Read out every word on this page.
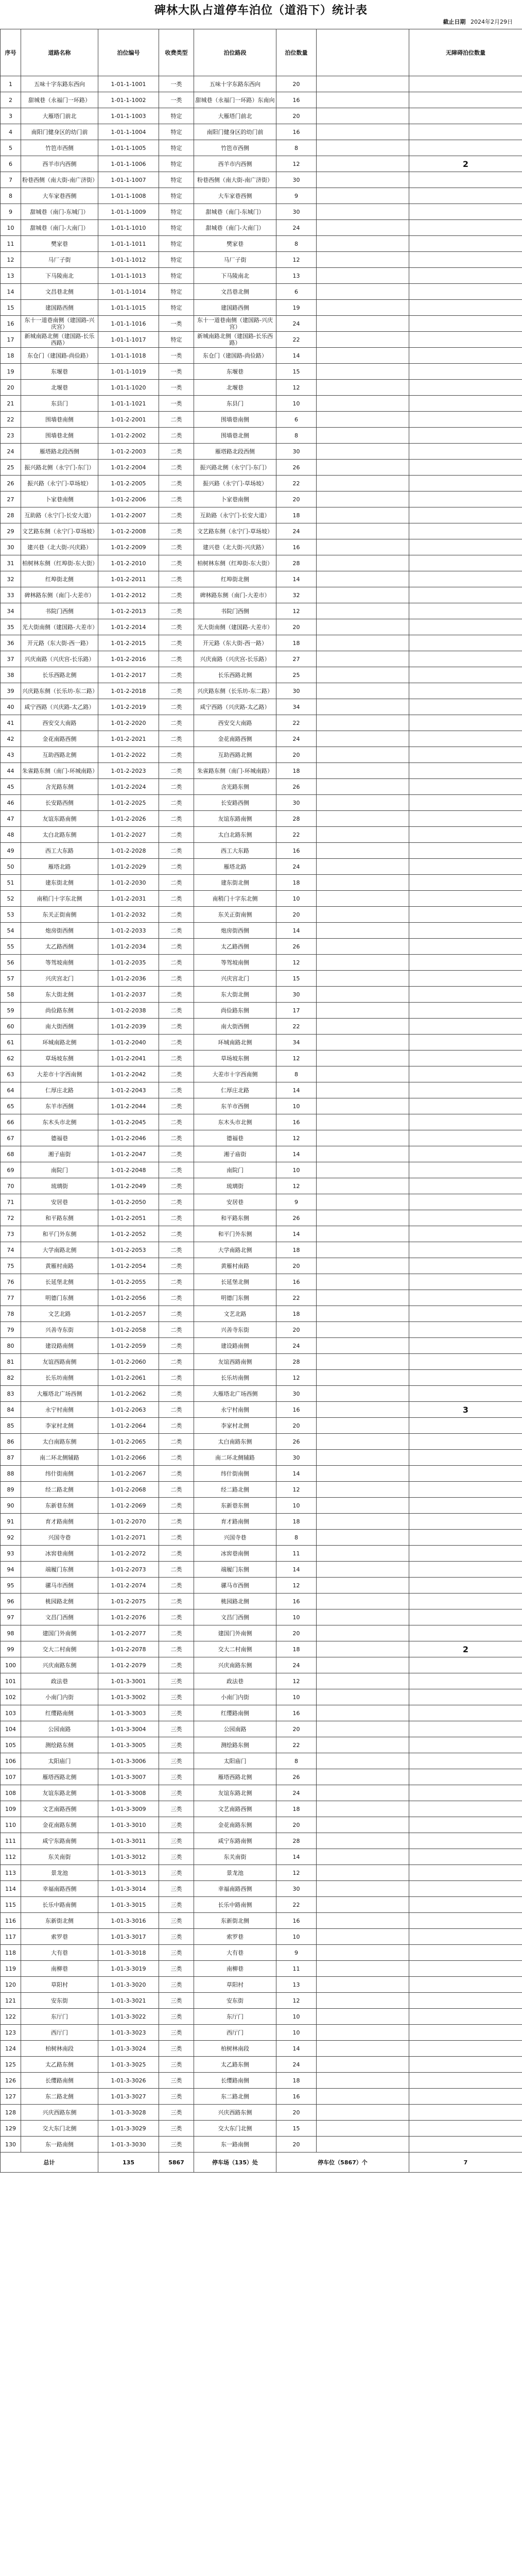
碑林大队占道停车泊位（道沿下）统计表
截止日期 2024年2月29日
序号	道路名称	泊位编号	收费类型	泊位路段	泊位数量		无障碍泊位数量
1	五味十字东路东西向	1-01-1-1001	一类	五味十字东路东西向	20		
2	甜城巷（永福门一环路）	1-01-1-1002	一类	甜城巷（永福门一环路）东南向	16		
3	大雁塔门前北	1-01-1-1003	特定	大雁塔门前北	20		
4	南阳门健身区的幼门前	1-01-1-1004	特定	南阳门健身区的幼门前	16		
5	竹笆市西侧	1-01-1-1005	特定	竹笆市西侧	8		
6	西羊市内西侧	1-01-1-1006	特定	西羊市内西侧	12		2
7	粉巷西侧（南大街-南广济街）	1-01-1-1007	特定	粉巷西侧（南大街-南广济街）	30		
8	大车家巷西侧	1-01-1-1008	特定	大车家巷西侧	9		
9	甜城巷（南门-东城门）	1-01-1-1009	特定	甜城巷（南门-东城门）	30		
10	甜城巷（南门-大南门）	1-01-1-1010	特定	甜城巷（南门-大南门）	24		
11	樊家巷	1-01-1-1011	特定	樊家巷	8		
12	马厂子街	1-01-1-1012	特定	马厂子街	12		
13	下马陵南北	1-01-1-1013	特定	下马陵南北	13		
14	文昌巷北侧	1-01-1-1014	特定	文昌巷北侧	6		
15	建国路西侧	1-01-1-1015	特定	建国路西侧	19		
16	东十一道巷南侧（建国路-兴庆宫）	1-01-1-1016	一类	东十一道巷南侧（建国路-兴庆宫）	24		
17	新城南路北侧（建国路-长乐西路）	1-01-1-1017	特定	新城南路北侧（建国路-长乐西路）	22		
18	东仓门（建国路-尚俭路）	1-01-1-1018	一类	东仓门（建国路-尚俭路）	14		
19	东堰巷	1-01-1-1019	一类	东堰巷	15		
20	北堰巷	1-01-1-1020	一类	北堰巷	12		
21	东县门	1-01-1-1021	一类	东县门	10		
22	围墙巷南侧	1-01-2-2001	二类	围墙巷南侧	6		
23	围墙巷北侧	1-01-2-2002	二类	围墙巷北侧	8		
24	雁塔路北段西侧	1-01-2-2003	二类	雁塔路北段西侧	30		
25	振兴路北侧（永宁门-东门）	1-01-2-2004	二类	振兴路北侧（永宁门-东门）	26		
26	振兴路（永宁门-草场坡）	1-01-2-2005	二类	振兴路（永宁门-草场坡）	22		
27	卜家巷南侧	1-01-2-2006	二类	卜家巷南侧	20		
28	互助路（永宁门-长安大道）	1-01-2-2007	二类	互助路（永宁门-长安大道）	18		
29	文艺路东侧（永宁门-草场坡）	1-01-2-2008	二类	文艺路东侧（永宁门-草场坡）	24		
30	建兴巷（北大街-兴庆路）	1-01-2-2009	二类	建兴巷（北大街-兴庆路）	16		
31	柏树林东侧（红埠街-东大街）	1-01-2-2010	二类	柏树林东侧（红埠街-东大街）	28		
32	红埠街北侧	1-01-2-2011	二类	红埠街北侧	14		
33	碑林路东侧（南门-大差市）	1-01-2-2012	二类	碑林路东侧（南门-大差市）	32		
34	书院门西侧	1-01-2-2013	二类	书院门西侧	12		
35	光大街南侧（建国路-大差市）	1-01-2-2014	二类	光大街南侧（建国路-大差市）	20		
36	开元路（东大街-西一路）	1-01-2-2015	二类	开元路（东大街-西一路）	18		
37	兴庆南路（兴庆宫-长乐路）	1-01-2-2016	二类	兴庆南路（兴庆宫-长乐路）	27		
38	长乐西路北侧	1-01-2-2017	二类	长乐西路北侧	25		
39	兴庆路东侧（长乐坊-东二路）	1-01-2-2018	二类	兴庆路东侧（长乐坊-东二路）	30		
40	咸宁西路（兴庆路-太乙路）	1-01-2-2019	二类	咸宁西路（兴庆路-太乙路）	34		
41	西安交大南路	1-01-2-2020	二类	西安交大南路	22		
42	金花南路西侧	1-01-2-2021	二类	金花南路西侧	24		
43	互助西路北侧	1-01-2-2022	二类	互助西路北侧	20		
44	朱雀路东侧（南门-环城南路）	1-01-2-2023	二类	朱雀路东侧（南门-环城南路）	18		
45	含光路东侧	1-01-2-2024	二类	含光路东侧	26		
46	长安路西侧	1-01-2-2025	二类	长安路西侧	30		
47	友谊东路南侧	1-01-2-2026	二类	友谊东路南侧	28		
48	太白北路东侧	1-01-2-2027	二类	太白北路东侧	22		
49	西工大东路	1-01-2-2028	二类	西工大东路	16		
50	雁塔北路	1-01-2-2029	二类	雁塔北路	24		
51	建东街北侧	1-01-2-2030	二类	建东街北侧	18		
52	南稍门十字东北侧	1-01-2-2031	二类	南稍门十字东北侧	10		
53	东关正街南侧	1-01-2-2032	二类	东关正街南侧	20		
54	炮房街西侧	1-01-2-2033	二类	炮房街西侧	14		
55	太乙路西侧	1-01-2-2034	二类	太乙路西侧	26		
56	等驾坡南侧	1-01-2-2035	二类	等驾坡南侧	12		
57	兴庆宫北门	1-01-2-2036	二类	兴庆宫北门	15		
58	东大街北侧	1-01-2-2037	二类	东大街北侧	30		
59	尚俭路东侧	1-01-2-2038	二类	尚俭路东侧	17		
60	南大街西侧	1-01-2-2039	二类	南大街西侧	22		
61	环城南路北侧	1-01-2-2040	二类	环城南路北侧	34		
62	草场坡东侧	1-01-2-2041	二类	草场坡东侧	12		
63	大差市十字西南侧	1-01-2-2042	二类	大差市十字西南侧	8		
64	仁厚庄北路	1-01-2-2043	二类	仁厚庄北路	14		
65	东羊市西侧	1-01-2-2044	二类	东羊市西侧	10		
66	东木头市北侧	1-01-2-2045	二类	东木头市北侧	16		
67	德福巷	1-01-2-2046	二类	德福巷	12		
68	湘子庙街	1-01-2-2047	二类	湘子庙街	14		
69	南院门	1-01-2-2048	二类	南院门	10		
70	琉璃街	1-01-2-2049	二类	琉璃街	12		
71	安居巷	1-01-2-2050	二类	安居巷	9		
72	和平路东侧	1-01-2-2051	二类	和平路东侧	26		
73	和平门外东侧	1-01-2-2052	二类	和平门外东侧	14		
74	大学南路北侧	1-01-2-2053	二类	大学南路北侧	18		
75	黄雁村南路	1-01-2-2054	二类	黄雁村南路	20		
76	长延堡北侧	1-01-2-2055	二类	长延堡北侧	16		
77	明德门东侧	1-01-2-2056	二类	明德门东侧	22		
78	文艺北路	1-01-2-2057	二类	文艺北路	18		
79	兴善寺东街	1-01-2-2058	二类	兴善寺东街	20		
80	建设路南侧	1-01-2-2059	二类	建设路南侧	24		
81	友谊西路南侧	1-01-2-2060	二类	友谊西路南侧	28		
82	长乐坊南侧	1-01-2-2061	二类	长乐坊南侧	12		
83	大雁塔北广场西侧	1-01-2-2062	二类	大雁塔北广场西侧	30		
84	永宁村南侧	1-01-2-2063	二类	永宁村南侧	16		3
85	李家村北侧	1-01-2-2064	二类	李家村北侧	20		
86	太白南路东侧	1-01-2-2065	二类	太白南路东侧	26		
87	南二环北侧辅路	1-01-2-2066	二类	南二环北侧辅路	30		
88	纬什街南侧	1-01-2-2067	二类	纬什街南侧	14		
89	经二路北侧	1-01-2-2068	二类	经二路北侧	12		
90	东新巷东侧	1-01-2-2069	二类	东新巷东侧	10		
91	育才路南侧	1-01-2-2070	二类	育才路南侧	18		
92	兴国寺巷	1-01-2-2071	二类	兴国寺巷	8		
93	冰窖巷南侧	1-01-2-2072	二类	冰窖巷南侧	11		
94	端履门东侧	1-01-2-2073	二类	端履门东侧	14		
95	骡马市西侧	1-01-2-2074	二类	骡马市西侧	12		
96	桃园路北侧	1-01-2-2075	二类	桃园路北侧	16		
97	文昌门西侧	1-01-2-2076	二类	文昌门西侧	10		
98	建国门外南侧	1-01-2-2077	二类	建国门外南侧	20		
99	交大二村南侧	1-01-2-2078	二类	交大二村南侧	18		2
100	兴庆南路东侧	1-01-2-2079	二类	兴庆南路东侧	24		
101	政法巷	1-01-3-3001	三类	政法巷	12		
102	小南门内街	1-01-3-3002	三类	小南门内街	10		
103	红缨路南侧	1-01-3-3003	三类	红缨路南侧	16		
104	公园南路	1-01-3-3004	三类	公园南路	20		
105	测绘路东侧	1-01-3-3005	三类	测绘路东侧	22		
106	太阳庙门	1-01-3-3006	三类	太阳庙门	8		
107	雁塔西路北侧	1-01-3-3007	三类	雁塔西路北侧	26		
108	友谊东路北侧	1-01-3-3008	三类	友谊东路北侧	24		
109	文艺南路西侧	1-01-3-3009	三类	文艺南路西侧	18		
110	金花南路东侧	1-01-3-3010	三类	金花南路东侧	20		
111	咸宁东路南侧	1-01-3-3011	三类	咸宁东路南侧	28		
112	东关南街	1-01-3-3012	三类	东关南街	14		
113	景龙池	1-01-3-3013	三类	景龙池	12		
114	幸福南路西侧	1-01-3-3014	三类	幸福南路西侧	30		
115	长乐中路南侧	1-01-3-3015	三类	长乐中路南侧	22		
116	东新街北侧	1-01-3-3016	三类	东新街北侧	16		
117	索罗巷	1-01-3-3017	三类	索罗巷	10		
118	大有巷	1-01-3-3018	三类	大有巷	9		
119	南柳巷	1-01-3-3019	三类	南柳巷	11		
120	草阳村	1-01-3-3020	三类	草阳村	13		
121	安东街	1-01-3-3021	三类	安东街	12		
122	东厅门	1-01-3-3022	三类	东厅门	10		
123	西厅门	1-01-3-3023	三类	西厅门	10		
124	柏树林南段	1-01-3-3024	三类	柏树林南段	14		
125	太乙路东侧	1-01-3-3025	三类	太乙路东侧	24		
126	长缨路南侧	1-01-3-3026	三类	长缨路南侧	18		
127	东二路北侧	1-01-3-3027	三类	东二路北侧	16		
128	兴庆西路东侧	1-01-3-3028	三类	兴庆西路东侧	20		
129	交大东门北侧	1-01-3-3029	三类	交大东门北侧	15		
130	东一路南侧	1-01-3-3030	三类	东一路南侧	20		
总计		135	5867	停车场（135）处	停车位（5867）个		7
